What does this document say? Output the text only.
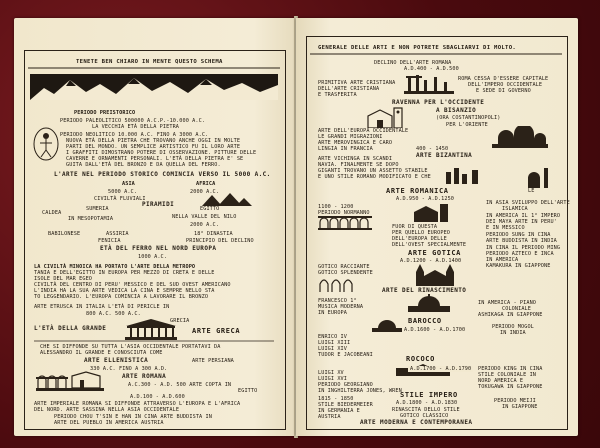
TENETE BEN CHIARO IN MENTE QUESTO SCHEMA
PERIODO PREISTORICO
PERIODO PALEOLITICO 500000 A.C.P.-10.000 A.C.
LA VECCHIA ETÀ DELLA PIETRA
PERIODO NEOLITICO 10.000 A.C. FINO A 3000 A.C.
NUOVA ETÀ DELLA PIETRA CHE TROVANO ANCHE OGGI IN MOLTE
PARTI DEL MONDO. UN SEMPLICE ARTISTICO FU IL LORO ARTE
I GRAFFITI DIMOSTRANO POTERE DI OSSERVAZIONE. PITTURE DELLE
CAVERNE E ORNAMENTI PERSONALI. L'ETÀ DELLA PIETRA E' SE
GUITA DALL'ETÀ DEL BRONZO E DA QUELLA DEL FERRO.
L'ARTE NEL PERIODO STORICO COMINCIA VERSO IL 5000 A.C.
ASIA	AFRICA
5000 A.C.	2000 A.C.
CIVILTÀ FLUVIALI
PIRAMIDI
CALDEA
SUMERIA	EGITTO
IN MESOPOTAMIA	NELLA VALLE DEL NILO
2000 A.C.
BABILONESE	ASSIRIA	18° DINASTIA
FENICIA	PRINCIPIO DEL DECLINO
ETÀ DEL FERRO NEL NORD EUROPA
1000 A.C.
LA CIVILTÀ MINOICA HA PORTATO L'ARTE DELLA METROPO
TANIA E DELL'EGITTO IN EUROPA PER MEZZO DI CRETA E DELLE
ISOLE DEL MAR EGEO
CIVILTÀ DEL CENTRO DI PERU' MESSICO E DEL SUD OVEST AMERICANO
L'INDIA HA LA SUA ARTE VEDICA LA CINA E SEMPRE NELLO STA
TO LEGGENDARIO. L'EUROPA COMINCIA A LAVORARE IL BRONZO
ARTE ETRUSCA IN ITALIA L'ETÀ DI PERICLE IN
800 A.C. 500 A.C.
GRECIA
L'ETÀ DELLA GRANDE	ARTE GRECA
CHE SI DIFFONDE SU TUTTA L'ASIA OCCIDENTALE PORTATAVI DA
ALESSANDRO IL GRANDE E CONOSCIUTA COME
ARTE ELLENISTICA	ARTE PERSIANA
330 A.C. FINO A 300 A.D.
ARTE ROMANA
A.C.300 - A.D. 500 ARTE COPTA IN
EGITTO
A.D.100 - A.D.600
ARTE IMPERIALE ROMANA SI DIFFONDE ATTRAVERSO L'EUROPA E L'AFRICA
DEL NORD. ARTE SASSINA NELLA ASIA OCCIDENTALE
PERIODO CHOU T'SIN E HAN IN CINA ARTE BUDDISTA IN
ARTE DEL PUEBLO IN AMERICA AUSTRIA
GENERALE DELLE ARTI E NON POTRETE SBAGLIARVI DI MOLTO.
DECLINO DELL'ARTE ROMANA
A.D.400 - A.D.500
PRIMITIVA ARTE CRISTIANA
DELL'ARTE CRISTIANA
E TRASFERITA
ROMA CESSA D'ESSERE CAPITALE
DELL'IMPERO OCCIDENTALE
E SEDE DI GOVERNO
RAVENNA PER L'OCCIDENTE
A BISANZIO
(ORA COSTANTINOPOLI)
PER L'ORIENTE
ARTE DELL'EUROPA OCCIDENTALE
LE GRANDI MIGRAZIONI
ARTE MEROVINGICA E CARO
LINGIA IN FRANCIA	400 - 1450
ARTE BIZANTINA
ARTE VICHINGA IN SCANDI
NAVIA. FINALMENTE SE DOPO
GIGANTI TROVANO UN ASSETTO STABILE
E UNO STILE ROMANO MODIFICATO E CHE
LE
ARTE ROMANICA
A.D.950 - A.D.1250
1100 - 1200
PERIODO NORMANNO
IN ASIA SVILUPPO DELL'ARTE
ISLAMICA
IN AMERICA IL 1° IMPERO
DEI MAYA ARTE IN PERU'
E IN MESSICO
PERIODO SUNG IN CINA
ARTE BUDDISTA IN INDIA
IN CINA IL PERIODO MING
PERIODO AZTECO E INCA
IN AMERICA
KAMAKURA IN GIAPPONE
FUOR DI QUESTA
PER QUELLO EUROPEO
DELL'EUROPA DELLE
DELL'OVEST SPECIALMENTE
ARTE GOTICA
A.D.1200 - A.D.1400
GOTICO RACCIANTE
GOTICO SPLENDENTE
ARTE DEL RINASCIMENTO
FRANCESCO 1°
MUSICA MODERNA
IN EUROPA
IN AMERICA - PIANO
COLONIALE
ASHIKAGA IN GIAPPONE
BAROCCO
A.D.1600 - A.D.1700	PERIODO MOGOL
IN INDIA
ENRICO IV
LUIGI XIII
LUIGI XIV
TUDOR E JACOBEANI	ROCOCO
A.D.1700 - A.D.1790
LUIGI XV
LUIGI XVI
PERIODO GEORGIANO
IN INGHILTERRA JONES, WREN
PERIODO KING IN CINA
STILE COLONIALE IN
NORD AMERICA E
TOKUGAWA IN GIAPPONE
1815 - 1850	STILE IMPERO
A.D.1800 - A.D.1830
STILE BIEDERMEIER
IN GERMANIA E
AUSTRIA
RINASCITA DELLO STILE
GOTICO CLASSICO
PERIODO MEIJI
IN GIAPPONE
ARTE MODERNA E CONTEMPORANEA
